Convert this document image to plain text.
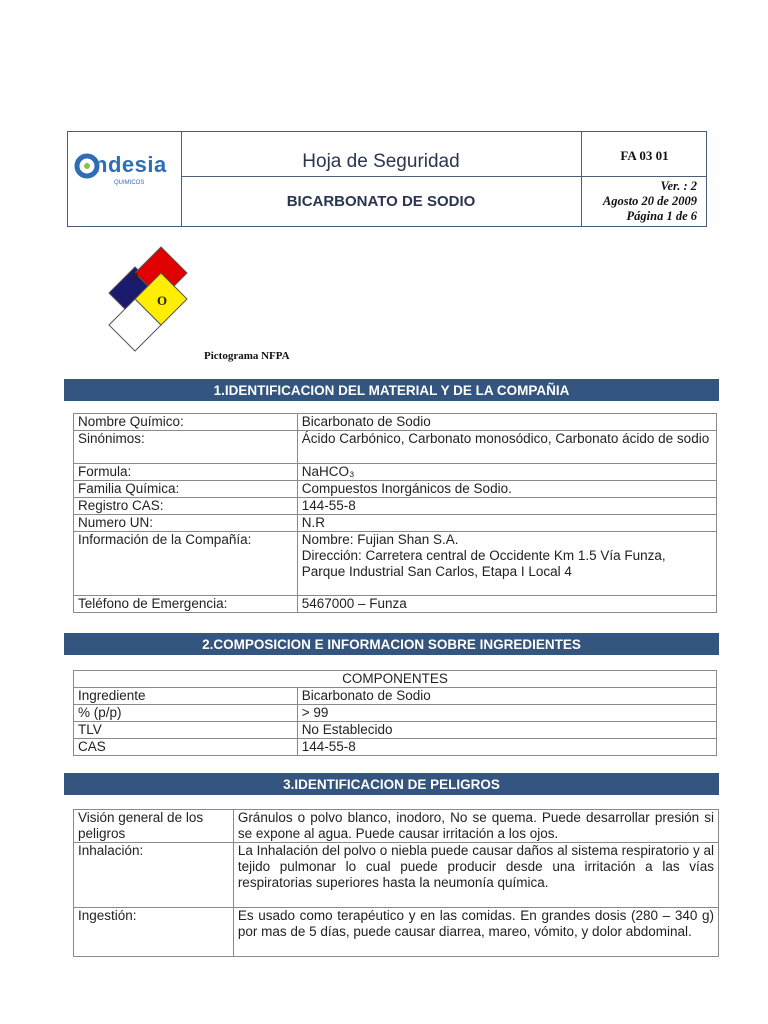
ndesia
QUIMICOS
Hoja de Seguridad
BICARBONATO DE SODIO
FA 03 01
Ver. : 2
Agosto 20 de 2009
Página 1 de 6
0
1	O
Pictograma NFPA
1.IDENTIFICACION DEL MATERIAL Y DE LA COMPAÑIA
Nombre Químico:	Bicarbonato de Sodio
Sinónimos:	Ácido Carbónico, Carbonato monosódico, Carbonato ácido de sodio
Formula:	NaHCO₃
Familia Química:	Compuestos Inorgánicos de Sodio.
Registro CAS:	144-55-8
Numero UN:	N.R
Información de la Compañía:	Nombre: Fujian Shan S.A.
Dirección: Carretera central de Occidente Km 1.5 Vía Funza, Parque Industrial San Carlos, Etapa I Local 4
Teléfono de Emergencia:	5467000 – Funza
2.COMPOSICION E INFORMACION SOBRE INGREDIENTES
COMPONENTES	
Ingrediente	Bicarbonato de Sodio
% (p/p)	> 99
TLV	No Establecido
CAS	144-55-8
3.IDENTIFICACION DE PELIGROS
Visión general de los peligros	Gránulos o polvo blanco, inodoro, No se quema. Puede desarrollar presión si se expone al agua. Puede causar irritación a los ojos.
Inhalación:	La Inhalación del polvo o niebla puede causar daños al sistema respiratorio y al tejido pulmonar lo cual puede producir desde una irritación a las vías respiratorias superiores hasta la neumonía química.
Ingestión:	Es usado como terapéutico y en las comidas. En grandes dosis (280 – 340 g) por mas de 5 días, puede causar diarrea, mareo, vómito, y dolor abdominal.
